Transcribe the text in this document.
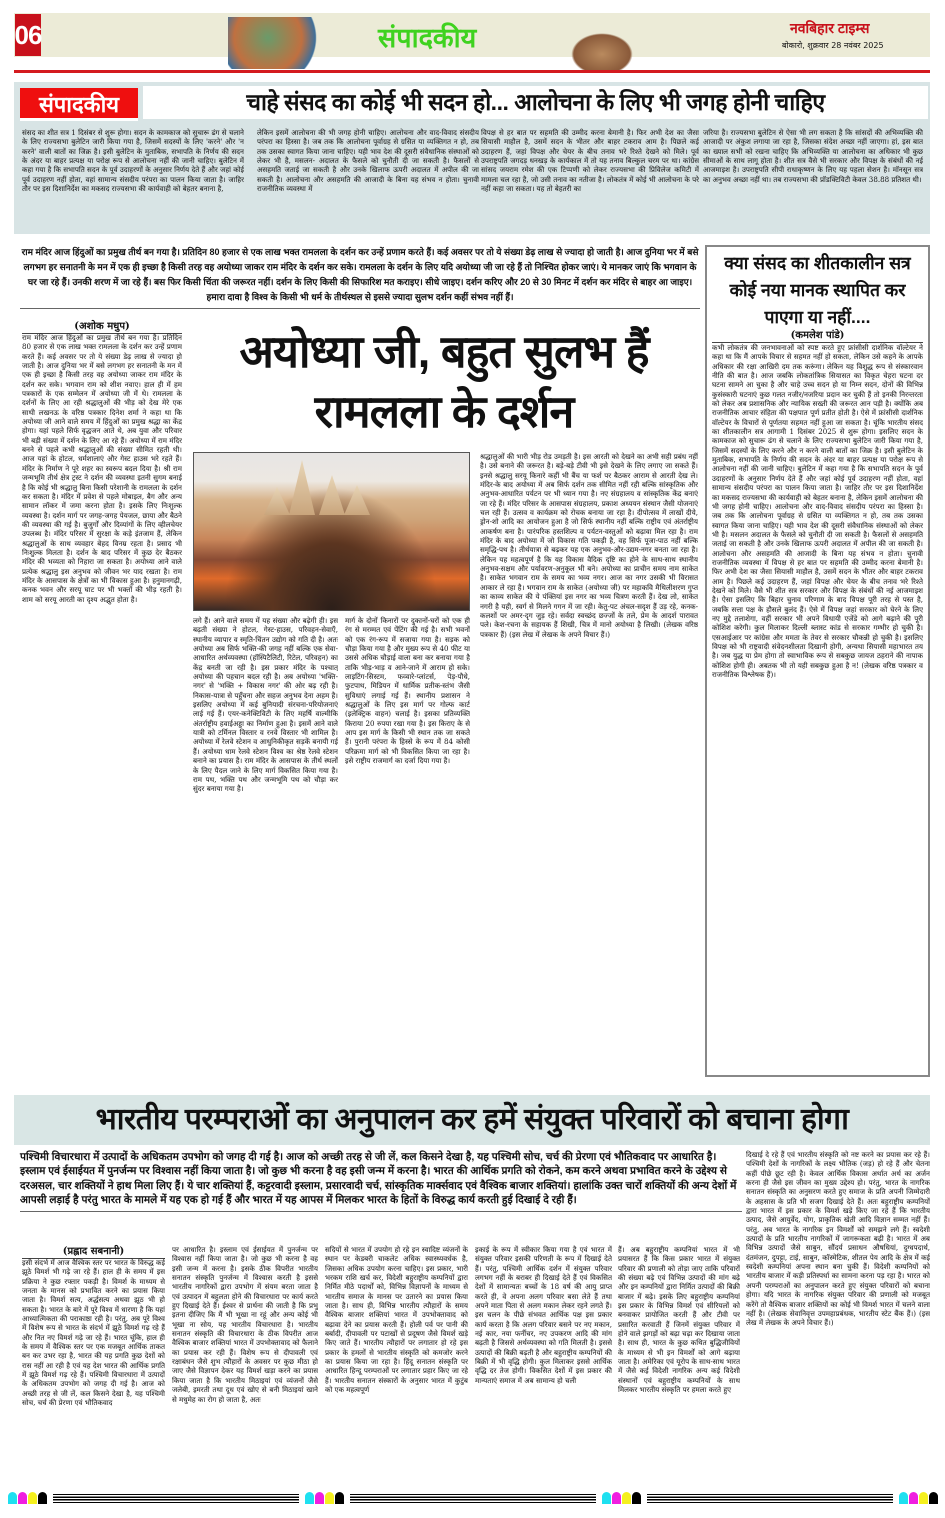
06	संपादकीय	नवबिहार टाइम्स
बोकारो, शुक्रवार 28 नवंबर 2025
संपादकीय	चाहे संसद का कोई भी सदन हो... आलोचना के लिए भी जगह होनी चाहिए
संसद का शीत सत्र 1 दिसंबर से शुरू होगा। सदन के कामकाज को सुचारू ढंग से चलाने के लिए राज्यसभा बुलेटिन जारी किया गया है, जिसमें सदस्यों के लिए 'करने' और 'न करने' वाली बातों का जिक्र है। इसी बुलेटिन के मुताबिक, सभापति के निर्णय की सदन के अंदर या बाहर प्रत्यक्ष या परोक्ष रूप से आलोचना नहीं की जानी चाहिए। बुलेटिन में कहा गया है कि सभापति सदन के पूर्व उदाहरणों के अनुसार निर्णय देते हैं और जहां कोई पूर्व उदाहरण नहीं होता, वहां सामान्य संसदीय परंपरा का पालन किया जाता है। जाहिर तौर पर इस दिशानिर्देश का मकसद राज्यसभा की कार्यवाही को बेहतर बनाना है,
लेकिन इसमें आलोचना की भी जगह होनी चाहिए। आलोचना और वाद-विवाद संसदीय परंपरा का हिस्सा है। जब तक कि आलोचना पूर्वाग्रह से ग्रसित या व्यक्तिगत न हो, तब तक उसका स्वागत किया जाना चाहिए। यही भाव देश की दूसरी संवैधानिक संस्थाओं को लेकर भी है, मसलन- अदालत के फैसले को चुनौती दी जा सकती है। फैसलों से असहमति जताई जा सकती है और उनके खिलाफ ऊपरी अदालत में अपील की जा सकती है। आलोचना और असहमति की आजादी के बिना यह संभव न होता। चुनावी राजनीतिक व्यवस्था में
विपक्ष से हर बात पर सहमति की उम्मीद करना बेमानी है। फिर अभी देश का जैसा सियासी माहौल है, उसमें सदन के भीतर और बाहर टकराव आम है। पिछले कई उदाहरण हैं, जहां विपक्ष और चेयर के बीच तनाव भरे रिश्ते देखने को मिले। पूर्व उपराष्ट्रपति जगदड़ धनखड़ के कार्यकाल में तो यह तनाव बिल्कुल चरम पर था। कांग्रेस सांसद जयराम रमेश की एक टिप्पणी को लेकर राज्यसभा की प्रिविलेज कमिटी में मामला चल रहा है, जो उसी तनाव का नतीजा है। लोकतंत्र में कोई भी आलोचना के परे नहीं कहा जा सकता। यह तो बेहतरी का
जरिया है। राज्यसभा बुलेटिन से ऐसा भी लग सकता है कि सांसदों की अभिव्यक्ति की आजादी पर अंकुश लगाया जा रहा है, जिसका संदेश अच्छा नहीं जाएगा। हां, इस बात का ख्याल सभी को रखना चाहिए कि अभिव्यक्ति या आलोचना का अधिकार भी कुछ सीमाओं के साथ लागू होता है। शीत सत्र वैसे भी सरकार और विपक्ष के संबंधों की नई आजमाइश है। उपराष्ट्रपति सीपी राधाकृष्णन के लिए यह पहला सेशन है। मॉनसून सत्र का अनुभव अच्छा नहीं था। तब राज्यसभा की प्रॉडक्टिविटी केवल 38.88 प्रतिशत थी।
राम मंदिर आज हिंदुओं का प्रमुख तीर्थ बन गया है। प्रतिदिन 80 हजार से एक लाख भक्त रामलला के दर्शन कर उन्हें प्रणाम करते हैं। कई अवसर पर तो ये संख्या डेढ़ लाख से ज्यादा हो जाती है। आज दुनिया भर में बसे लगभग हर सनातनी के मन में एक ही इच्छा है किसी तरह वह अयोध्या जाकर राम मंदिर के दर्शन कर सके। रामलला के दर्शन के लिए यदि अयोध्या जी जा रहे हैं तो निश्चित होकर जाएं। ये मानकर जाएं कि भगवान के घर जा रहे हैं। उनकी शरण में जा रहे हैं। बस फिर किसी चिंता की जरूरत नहीं। दर्शन के लिए किसी की सिफारिश मत कराइए। सीधे जाइए। दर्शन करिए और 20 से 30 मिनट में दर्शन कर मंदिर से बाहर आ जाइए। हमारा दावा है विश्व के किसी भी धर्म के तीर्थस्थल से इससे ज्यादा सुलभ दर्शन कहीं संभव नहीं हैं।
(अशोक मधुप)	अयोध्या जी, बहुत सुलभ हैं रामलला के दर्शन
राम मंदिर आज हिंदुओं का प्रमुख तीर्थ बन गया है। प्रतिदिन 80 हजार से एक लाख भक्त रामलला के दर्शन कर उन्हें प्रणाम करते हैं। कई अवसर पर तो ये संख्या डेढ़ लाख से ज्यादा हो जाती है। आज दुनिया भर में बसे लगभग हर सनातनी के मन में एक ही इच्छा है किसी तरह वह अयोध्या जाकर राम मंदिर के दर्शन कर सके। भगवान राम को शीश नवाए। हाल ही में हम पत्रकारों के एक सम्मेलन में अयोध्या जी में थे। रामलला के दर्शनों के लिए आ रही श्रद्धालुओं की भीड़ को देख मेरे एक साथी लखनऊ के वरिष्ठ पत्रकार दिनेश शर्मा ने कहा था कि अयोध्या जी आने वाले समय में हिंदुओं का प्रमुख श्रद्धा का केंद्र होगा। यहां पहले सिर्फ वृद्धजन आते थे, अब युवा और परिवार भी बड़ी संख्या में दर्शन के लिए आ रहे हैं। अयोध्या में राम मंदिर बनने से पहले कभी श्रद्धालुओं की संख्या सीमित रहती थी। आज यहां के होटल, धर्मशालाएं और गेस्ट हाउस भरे रहते हैं। मंदिर के निर्माण ने पूरे शहर का स्वरूप बदल दिया है। श्री राम जन्मभूमि तीर्थ क्षेत्र ट्रस्ट ने दर्शन की व्यवस्था इतनी सुगम बनाई है कि कोई भी श्रद्धालु बिना किसी परेशानी के रामलला के दर्शन कर सकता है। मंदिर में प्रवेश से पहले मोबाइल, बैग और अन्य सामान लॉकर में जमा करना होता है। इसके लिए निःशुल्क व्यवस्था है। दर्शन मार्ग पर जगह-जगह पेयजल, छाया और बैठने की व्यवस्था की गई है। बुजुर्गों और दिव्यांगों के लिए व्हीलचेयर उपलब्ध है। मंदिर परिसर में सुरक्षा के कड़े इंतजाम हैं, लेकिन श्रद्धालुओं के साथ व्यवहार बेहद विनम्र रहता है। प्रसाद भी निःशुल्क मिलता है। दर्शन के बाद परिसर में कुछ देर बैठकर मंदिर की भव्यता को निहारा जा सकता है। अयोध्या आने वाले प्रत्येक श्रद्धालु इस अनुभव को जीवन भर याद रखता है। राम मंदिर के आसपास के क्षेत्रों का भी विकास हुआ है। हनुमानगढ़ी, कनक भवन और सरयू घाट पर भी भक्तों की भीड़ रहती है। शाम को सरयू आरती का दृश्य अद्भुत होता है।
लगे हैं। आने वाले समय में यह संख्या और बढ़ेगी ही। इस बढ़ती संख्या ने होटल, गेस्ट-हाउस, परिवहन-सेवाएँ, स्थानीय व्यापार व स्मृति-चिंतन उद्योग को गति दी है। अतः अयोध्या अब सिर्फ भक्ति-की जगह नहीं बल्कि एक सेवा-आधारित अर्थव्यवस्था (हॉस्पिटैलिटी, रिटेल, परिवहन) का केंद्र बनती जा रही है। इस प्रकार मंदिर के पश्चात् अयोध्या की पहचान बदल रही है। अब अयोध्या 'भक्ति-नगर' से 'भक्ति + विकास नगर' की ओर बढ़ रही है। निकास-यात्रा से पहुँचना और सहज अनुभव देना अहम है। इसलिए अयोध्या में कई बुनियादी संरचना-परियोजनाएं लाई गई हैं। एयर-कनेक्टिविटी के लिए महर्षि वाल्मीकि अंतर्राष्ट्रीय हवाईअड्डा का निर्माण हुआ है। इसमें आने वाले यात्री को टर्मिनल विस्तार व रनवे विस्तार भी शामिल है। अयोध्या में रेलवे स्टेशन व आधुनिकीकृत सड़कें बनायी गई हैं। अयोध्या धाम रेलवे स्टेशन विश्व का श्रेष्ठ रेलवे स्टेशन बनाने का प्रयास है। राम मंदिर के आसपास के तीर्थ स्थलों के लिए पैदल जाने के लिए मार्ग विकसित किया गया है। राम पथ, भक्ति पथ और जन्मभूमि पथ को चौड़ा कर सुंदर बनाया गया है।
मार्ग के दोनों किनारों पर दुकानों-घरों को एक ही रंग से मरम्मत एवं पेंटिंग की गई है। सभी भवनों को एक रंग-रूप में सजाया गया है। सड़क को चौड़ा किया गया है और मुख्य रूप से 40 फीट या उससे अधिक चौड़ाई वाला बना कर बनाया गया है ताकि भीड़-भाड़ व आने-जाने में आराम हो सके। लाइटिंग-सिस्टम, फव्वारे-प्लांटर्स, पेड़-पौधे, फुटपाथ, मिडियन में धार्मिक प्रतीक-स्तंभ जैसी सुविधाएं लगाई गई हैं। स्थानीय प्रशासन ने श्रद्धालुओं के लिए इस मार्ग पर गोल्फ कार्ट (इलेक्ट्रिक वाहन) चलाई है। इसका प्रतिव्यक्ति किराया 20 रुपया रखा गया है। इस किराए के से आप इस मार्ग के किसी भी स्थान तक जा सकते हैं। पुरानी परंपरा के हिस्से के रूप में 84 कोसी परिक्रमा मार्ग को भी विकसित किया जा रहा है। इसे राष्ट्रीय राजमार्ग का दर्जा दिया गया है।
श्रद्धालुओं की भारी भीड़ रोड उमड़ती है। इस आरती को देखने का अभी सही प्रबंध नहीं है। उसे बनाने की जरूरत है। बड़े-बड़े टीवी भी इसे देखने के लिए लगाए जा सकते हैं। इनसे श्रद्धालु सरयू किनारे कहीं भी बैंच या फर्श पर बैठकर आराम से आरती देख ले। मंदिर-के बाद अयोध्या में अब सिर्फ दर्शन तक सीमित नहीं रही बल्कि सांस्कृतिक और अनुभव-आधारित पर्यटन पर भी ध्यान गया है। नए संग्रहालय व सांस्कृतिक केंद्र बनाएं जा रहे हैं। मंदिर परिसर के आसपास संग्रहालय, प्रकाश अध्ययन संस्थान जैसी योजनाएं चल रही हैं। उत्सव व कार्यक्रम को रोचक बनाया जा रहा है। दीपोत्सव में लाखों दीये, ड्रोन-शो आदि का आयोजन हुआ है जो सिर्फ स्थानीय नहीं बल्कि राष्ट्रीय एवं अंतर्राष्ट्रीय आकर्षण बना है। पारंपरिक हस्तशिल्प व पर्यटन-वस्तुओं को बढ़ावा मिल रहा है। राम मंदिर के बाद अयोध्या में जो विकास गति पकड़ी है, वह सिर्फ पूजा-पाठ नहीं बल्कि समृद्धि-पथ है। तीर्थयात्रा से बढ़कर यह एक अनुभव-और-उद्यम-नगर बनता जा रहा है। लेकिन यह महत्वपूर्ण है कि यह विकास वैदिक दृष्टि का होने के साथ-साथ स्थानीय अनुभव-सक्षम और पर्यावरण-अनुकूल भी बने। अयोध्या का प्राचीन समय नाम साकेत है। साकेत भगवान राम के समय का भव्य नगर। आज का नगर उसकी भी विरासत आकार ले रहा है। भगवान राम के साकेत (अयोध्या जी) पर महाकवि मैथिलीशरण गुप्त का काव्य साकेत की ये पंक्तियां इस नगर का भव्य चित्रण करती हैं। देख लो, साकेत नगरी है यही, स्वर्ग से मिलने गगन में जा रही। केतु-पट अंचल-सदृश हैं उड़ रहे, कनक-कलशों पर अमर-दृग जुड़ रहे। सर्वदा स्वच्छंद छज्जों के तले, प्रेम के आदर्श पारावत पले। केश-रचना के सहायक हैं शिखी, चित्र में मानो अयोध्या है लिखी। (लेखक वरिष्ठ पत्रकार हैं) (इस लेख में लेखक के अपने विचार हैं।)
क्या संसद का शीतकालीन सत्र कोई नया मानक स्थापित कर पाएगा या नहीं....
(कमलेश पांडे)
कभी लोकतंत्र की जनभावनाओं को स्पष्ट करते हुए फ्रांसीसी दार्शनिक वॉल्टेयर ने कहा था कि मैं आपके विचार से सहमत नहीं हो सकता, लेकिन उसे कहने के आपके अधिकार की रक्षा आखिरी दम तक करूंगा। लेकिन यह विशुद्ध रूप से संस्कारवान नीति की बात है। आज जबकि लोकतांत्रिक सियासत का विकृत चेहरा घटना दर घटना सामने आ चुका है और चाहे उच्च सदन हो या निम्न सदन, दोनों की विभिन्न कुसंस्कारी घटनाएं कुछ गलत नजीर/नजरिया प्रदान कर चुकी हैं तो इनकी निरन्तरता को लेकर अब प्रशासनिक और न्यायिक सख्ती की जरूरत आन पड़ी है। क्योंकि अब राजनीतिक आचार संहिता की पक्षपात पूर्ण प्रतीत होती है। ऐसे में फ्रांसीसी दार्शनिक वॉल्टेयर के विचारों से पूर्णतया सहमत नहीं हुआ जा सकता है। चूंकि भारतीय संसद का शीतकालीन सत्र आगामी 1 दिसंबर 2025 से शुरू होगा। इसलिए सदन के कामकाज को सुचारू ढंग से चलाने के लिए राज्यसभा बुलेटिन जारी किया गया है, जिसमें सदस्यों के लिए करने और न करने वाली बातों का जिक्र है। इसी बुलेटिन के मुताबिक, सभापति के निर्णय की सदन के अंदर या बाहर प्रत्यक्ष या परोक्ष रूप से आलोचना नहीं की जानी चाहिए। बुलेटिन में कहा गया है कि सभापति सदन के पूर्व उदाहरणों के अनुसार निर्णय देते हैं और जहां कोई पूर्व उदाहरण नहीं होता, वहां सामान्य संसदीय परंपरा का पालन किया जाता है। जाहिर तौर पर इस दिशानिर्देश का मकसद राज्यसभा की कार्यवाही को बेहतर बनाना है, लेकिन इसमें आलोचना की भी जगह होनी चाहिए। आलोचना और वाद-विवाद संसदीय परंपरा का हिस्सा है। जब तक कि आलोचना पूर्वाग्रह से ग्रसित या व्यक्तिगत न हो, तब तक उसका स्वागत किया जाना चाहिए। यही भाव देश की दूसरी संवैधानिक संस्थाओं को लेकर भी है। मसलन अदालत के फैसले को चुनौती दी जा सकती है। फैसलों से असहमति जताई जा सकती है और उनके खिलाफ ऊपरी अदालत में अपील की जा सकती है। आलोचना और असहमति की आजादी के बिना यह संभव न होता। चुनावी राजनीतिक व्यवस्था में विपक्ष से हर बात पर सहमति की उम्मीद करना बेमानी है। फिर अभी देश का जैसा सियासी माहौल है, उसमें सदन के भीतर और बाहर टकराव आम है। पिछले कई उदाहरण हैं, जहां विपक्ष और चेयर के बीच तनाव भरे रिश्ते देखने को मिले। वैसे भी शीत सत्र सरकार और विपक्ष के संबंधों की नई आजमाइश है। ऐसा इसलिए कि बिहार चुनाव परिणाम के बाद विपक्ष पूरी तरह से पस्त है, जबकि सत्ता पक्ष के हौसले बुलंद हैं। ऐसे में विपक्ष जहां सरकार को घेरने के लिए नए मुद्दे तलाशेगा, वहीं सरकार भी अपने विधायी एजेंडे को आगे बढ़ाने की पूरी कोशिश करेगी। कुल मिलाकर दिल्ली ब्लास्ट कांड से सरकार गम्भीर हो चुकी है। एसआईआर पर कांग्रेस और ममता के तेवर से सरकार चौकन्नी हो चुकी है। इसलिए विपक्ष को भी राष्ट्रवादी संवेदनशीलता दिखानी होगी, अन्यथा सियासी महाभारत तय है। जब युद्ध या प्रेम होगा तो स्वाभाविक रूप से सबकुछ जायज ठहराने की नापाक कोशिश होगी ही। अबतक भी तो यही सबकुछ हुआ है न! (लेखक वरिष्ठ पत्रकार व राजनीतिक विश्लेषक हैं)।
भारतीय परम्पराओं का अनुपालन कर हमें संयुक्त परिवारों को बचाना होगा
पश्चिमी विचारधारा में उत्पादों के अधिकतम उपभोग को जगह दी गई है। आज को अच्छी तरह से जी लें, कल किसने देखा है, यह पश्चिमी सोच, चर्च की प्रेरणा एवं भौतिकवाद पर आधारित है। इस्लाम एवं ईसाईयत में पुनर्जन्म पर विश्वास नहीं किया जाता है। जो कुछ भी करना है वह इसी जन्म में करना है। भारत की आर्थिक प्रगति को रोकने, कम करने अथवा प्रभावित करने के उद्देश्य से दरअसल, चार शक्तियों ने हाथ मिला लिए हैं। ये चार शक्तियां हैं, कट्टरवादी इस्लाम, प्रसारवादी चर्च, सांस्कृतिक मार्क्सवाद एवं वैश्विक बाजार शक्तियां। हालांकि उक्त चारों शक्तियों की अन्य देशों में आपसी लड़ाई है परंतु भारत के मामले में यह एक हो गई हैं और भारत में यह आपस में मिलकर भारत के हितों के विरुद्ध कार्य करती हुई दिखाई दे रही हैं।
(प्रह्लाद सबनानी)
इसी संदर्भ में आज वैश्विक स्तर पर भारत के विरुद्ध कई झूठे विमर्श भी गढ़े जा रहे हैं। हाल ही के समय में इस प्रक्रिया ने कुछ रफ्तार पकड़ी है। विमर्श के माध्यम से जनता के मानस को प्रभावित करने का प्रयास किया जाता है। विमर्श सत्य, अर्द्धसत्य अथवा झूठ भी हो सकता है। भारत के बारे में पूरे विश्व में धारणा है कि यहां आध्यात्मिकता की पराकाष्ठा रही है। परंतु, अब पूरे विश्व में विशेष रूप से भारत के संदर्भ में झूठे विमर्श गढ़ रहे हैं और नित नए विमर्श गढ़े जा रहे हैं। भारत चूंकि, हाल ही के समय में वैश्विक स्तर पर एक मजबूत आर्थिक ताकत बन कर उभर रहा है, भारत की यह प्रगति कुछ देशों को रास नहीं आ रही है एवं यह देश भारत की आर्थिक प्रगति में झूठे विमर्श गढ़ रहे हैं। पश्चिमी विचारधारा में उत्पादों के अधिकतम उपभोग को जगह दी गई है। आज को अच्छी तरह से जी लें, कल किसने देखा है, यह पश्चिमी सोच, चर्च की प्रेरणा एवं भौतिकवाद
पर आधारित है। इस्लाम एवं ईसाईयत में पुनर्जन्म पर विश्वास नहीं किया जाता है। जो कुछ भी करना है वह इसी जन्म में करना है। इसके ठीक विपरीत भारतीय सनातन संस्कृति पुनर्जन्म में विश्वास करती है इससे भारतीय नागरिकों द्वारा उपभोग में संयम बरता जाता है एवं उत्पादन में बहुलता होने की विचारधारा पर कार्य करते हुए दिखाई देते हैं। ईश्वर से प्रार्थना की जाती है कि प्रभु इतना दीजिए कि मैं भी भूखा ना रहूं और अन्य कोई भी भूखा ना सोय, यह भारतीय विचारधारा है। भारतीय सनातन संस्कृति की विचारधारा के ठीक विपरीत आज वैश्विक बाजार शक्तियां भारत में उपभोक्तावाद को फैलाने का प्रयास कर रही हैं। विशेष रूप से दीपावली एवं रक्षाबंधन जैसे शुभ त्यौहारों के अवसर पर कुछ मीठा हो जाए जैसे विज्ञापन देकर यह विमर्श खड़ा करने का प्रयास किया जाता है कि भारतीय मिठाइयां एवं व्यंजनों जैसे जलेबी, इमरती तथा दूध एवं खोए से बनी मिठाइयां खाने से मधुमेह का रोग हो जाता है, अतः
सदियों से भारत में उपयोग हो रहे इन स्वादिष्ट व्यंजनों के स्थान पर केडबरी चाकलेट अधिक स्वास्थ्यवर्धक है, जिसका अधिक उपयोग करना चाहिए। इस प्रकार, भारी भरकम राशि खर्च कर, विदेशी बहुराष्ट्रीय कम्पनियों द्वारा निर्मित मीठे पदार्थों को, विभिन्न विज्ञापनों के माध्यम से भारतीय समाज के मानस पर उतारने का प्रयास किया जाता है। साथ ही, विभिन्न भारतीय त्यौहारों के समय वैश्विक बाजार शक्तियां भारत में उपभोक्तावाद को बढ़ावा देने का प्रयास करती हैं। होली पर्व पर पानी की बर्बादी, दीपावली पर पटाखों से प्रदूषण जैसे विमर्श खड़े किए जाते हैं। भारतीय त्यौहारों पर लगातार हो रहे इस प्रकार के हमलों से भारतीय संस्कृति को कमजोर करने का प्रयास किया जा रहा है। हिंदू सनातन संस्कृति पर आधारित हिन्दू परम्पराओं पर लगातार प्रहार किए जा रहे हैं। भारतीय सनातन संस्कारों के अनुसार भारत में कुटुंब को एक महत्वपूर्ण
इकाई के रूप में स्वीकार किया गया है एवं भारत में संयुक्त परिवार इसकी परिणती के रूप में दिखाई देते हैं। परंतु, पश्चिमी आर्थिक दर्शन में संयुक्त परिवार लगभग नहीं के बराबर ही दिखाई देते हैं एवं विकसित देशों में सामान्यतः बच्चों के 18 वर्ष की आयु प्राप्त करते ही, वे अपना अलग परिवार बसा लेते हैं तथा अपने माता पिता से अलग मकान लेकर रहने लगते हैं। इस चलन के पीछे संभवत आर्थिक पक्ष इस प्रकार कार्य करता है कि अलग परिवार बसने पर नए मकान, नई कार, नया फर्नीचर, नए उपकरण आदि की मांग बढ़ती है जिससे अर्थव्यवस्था को गति मिलती है। इससे उत्पादों की बिक्री बढ़ती है और बहुराष्ट्रीय कम्पनियों की बिक्री में भी वृद्धि होगी। कुल मिलाकर इससे आर्थिक वृद्धि दर तेज होगी। विकसित देशों में इस प्रकार की मान्यताएं समाज में अब सामान्य हो चली
हैं। अब बहुराष्ट्रीय कम्पनियां भारत में भी प्रयासरत हैं कि किस प्रकार भारत में संयुक्त परिवार की प्रणाली को तोड़ा जाए ताकि परिवारों की संख्या बढ़े एवं विभिन्न उत्पादों की मांग बढ़े और इन कम्पनियों द्वारा निर्मित उत्पादों की बिक्री बाजार में बढ़े। इसके लिए बहुराष्ट्रीय कम्पनियां इस प्रकार के विभिन्न विमर्श एवं सीरियलों को बनवाकर प्रायोजित करती हैं और टीवी पर प्रसारित करवाती हैं जिनमें संयुक्त परिवार में होने वाले झगड़ों को बढ़ा चढ़ा कर दिखाया जाता है। साथ ही, भारत के कुछ कथित बुद्धिजीवियों के माध्यम से भी इन विमर्शों को आगे बढ़ाया जाता है। अमेरिका एवं यूरोप के साथ-साथ भारत में जैसे कई विदेशी नागरिक अन्य कई विदेशी संस्थानों एवं बहुराष्ट्रीय कम्पनियों के साथ मिलकर भारतीय संस्कृति पर हमला करते हुए
दिखाई दे रहे हैं एवं भारतीय संस्कृति को नष्ट करने का प्रयास कर रहे हैं। पश्चिमी देशों के नागरिकों के लक्ष्य भौतिक (जड़) हो रहे हैं और चेतना कहीं पीछे छूट रही है। केवल आर्थिक विकास अर्थात अर्थ का अर्जन करना ही जैसे इस जीवन का मुख्य उद्देश्य हो। परंतु, भारत के नागरिक सनातन संस्कृति का अनुसरण करते हुए समाज के प्रति अपनी जिम्मेदारी के अहसास के प्रति भी सजग दिखाई देते हैं। अतः बहुराष्ट्रीय कम्पनियों द्वारा भारत में इस प्रकार के विमर्श खड़े किए जा रहे हैं कि भारतीय उत्पाद, जैसे आयुर्वेद, योग, प्राकृतिक खेती आदि विज्ञान सम्मत नहीं हैं। परंतु, अब भारत के नागरिक इन विमर्शों को समझने लगे हैं। स्वदेशी उत्पादों के प्रति भारतीय नागरिकों में जागरूकता बढ़ी है। भारत में अब विभिन्न उत्पादों जैसे साबुन, सौंदर्य प्रसाधन औषधियां, दुग्धपदार्थ, दंतमंजन, दुपट्टा, टाई, साबुन, कॉस्मेटिक, शीतल पेय आदि के क्षेत्र में कई स्वदेशी कम्पनियां अपना स्थान बना चुकी हैं। विदेशी कम्पनियों को भारतीय बाजार में कड़ी प्रतिस्पर्धा का सामना करना पड़ रहा है। भारत को अपनी परम्पराओं का अनुपालन करते हुए संयुक्त परिवारों को बचाना होगा। यदि भारत के नागरिक संयुक्त परिवार की प्रणाली को मजबूत करेंगे तो वैश्विक बाजार शक्तियों का कोई भी विमर्श भारत में चलने वाला नहीं है। (लेखक सेवानिवृत्त उपमहाप्रबंधक, भारतीय स्टेट बैंक हैं।) (इस लेख में लेखक के अपने विचार हैं।)
